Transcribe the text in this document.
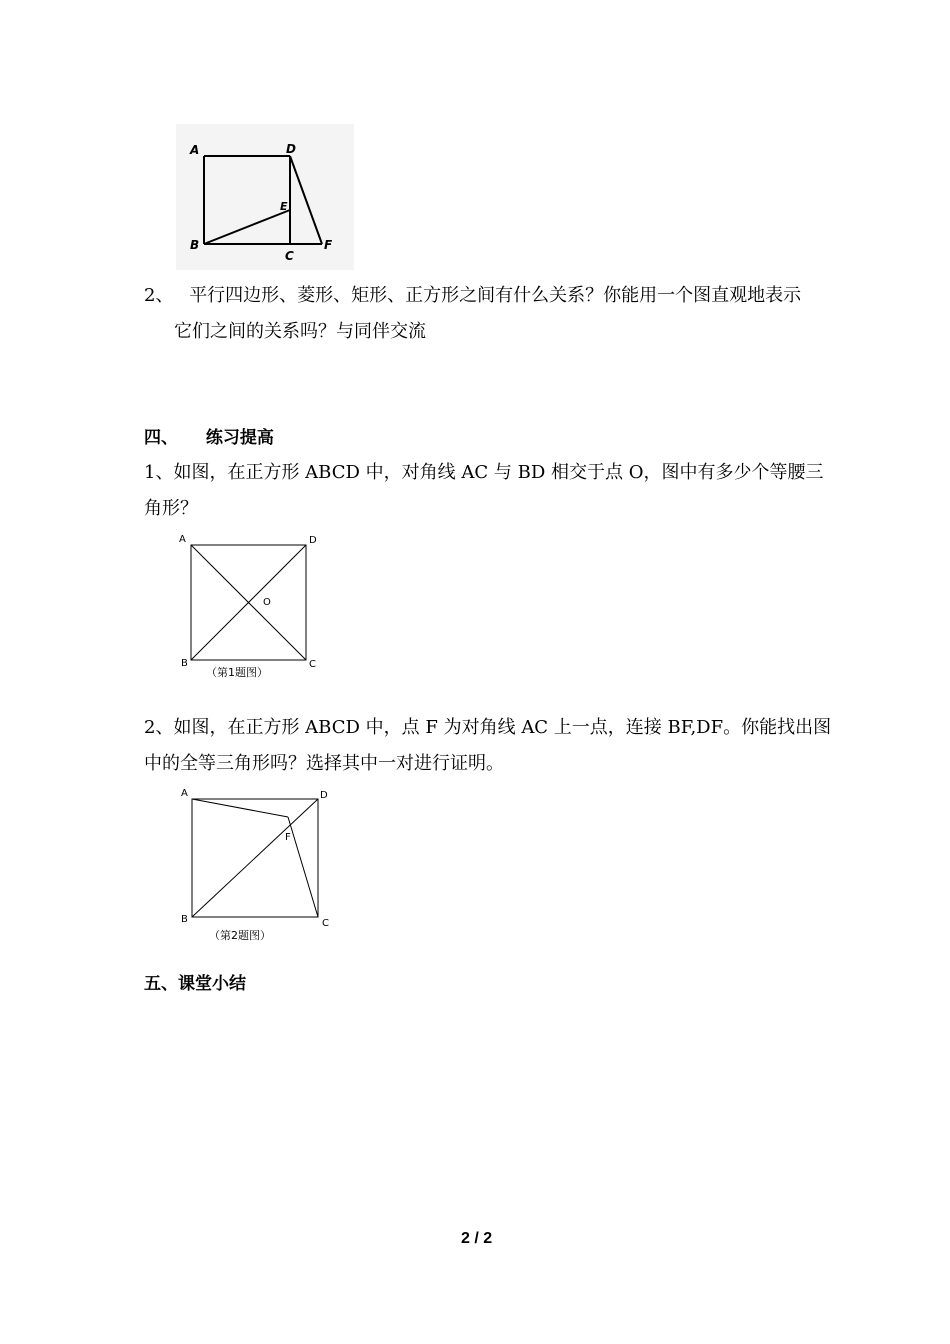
A	D
E
B
C
F
2、 平行四边形、菱形、矩形、正方形之间有什么关系？你能用一个图直观地表示
它们之间的关系吗？与同伴交流
四、 练习提高
1、如图，在正方形 ABCD 中，对角线 AC 与 BD 相交于点 O，图中有多少个等腰三
角形？
A	D
O
B	C
（第1题图）
2、如图，在正方形 ABCD 中，点 F 为对角线 AC 上一点，连接 BF,DF。你能找出图
中的全等三角形吗？选择其中一对进行证明。
A	D
F
B	C
（第2题图）
五、课堂小结
2 / 2
